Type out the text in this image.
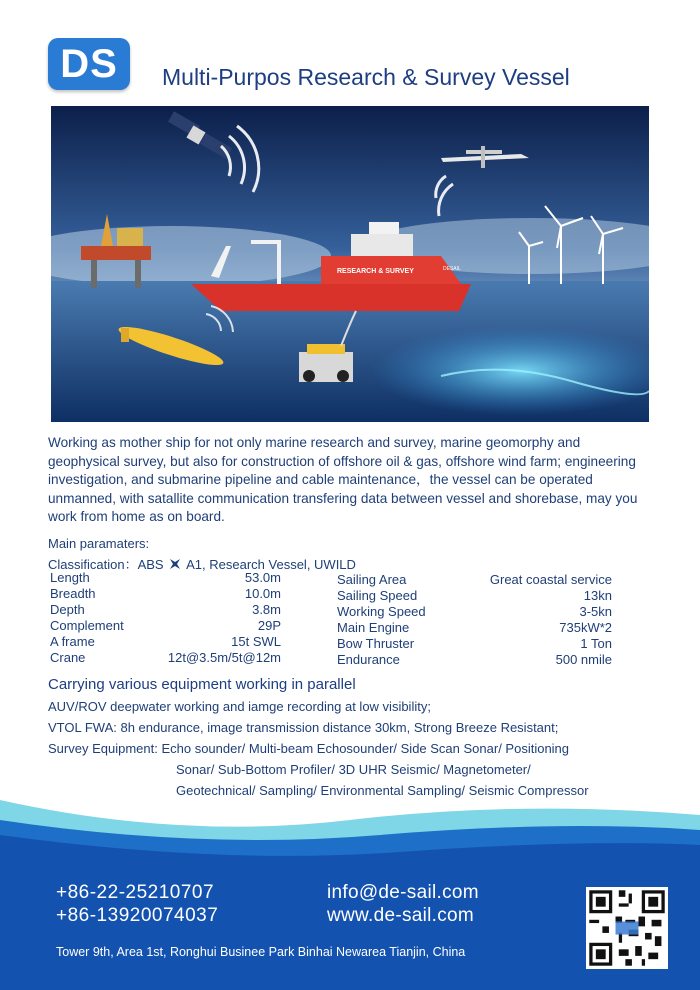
DS	Multi-Purpos Research & Survey Vessel
RESEARCH & SURVEY	DESAIL
Working as mother ship for not only marine research and survey, marine geomorphy and geophysical survey, but also for construction of offshore oil & gas, offshore wind farm; engineering investigation, and submarine pipeline and cable maintenance，the vessel can be operated unmanned, with satallite communication transfering data between vessel and shorebase, may you work from home as on board.
Main paramaters:
Classification：ABS A1, Research Vessel, UWILD
Length	53.0m
Breadth	10.0m
Depth	3.8m
Complement	29P
A frame	15t SWL
Crane	12t@3.5m/5t@12m
Sailing Area	Great coastal service
Sailing Speed	13kn
Working Speed	3-5kn
Main Engine	735kW*2
Bow Thruster	1 Ton
Endurance	500 nmile
Carrying various equipment working in parallel
AUV/ROV deepwater working and iamge recording at low visibility;
VTOL FWA: 8h endurance, image transmission distance 30km, Strong Breeze Resistant;
Survey Equipment: Echo sounder/ Multi-beam Echosounder/ Side Scan Sonar/ Positioning
Sonar/ Sub-Bottom Profiler/ 3D UHR Seismic/ Magnetometer/
Geotechnical/ Sampling/ Environmental Sampling/ Seismic Compressor
+86-22-25210707
+86-13920074037
info@de-sail.com
www.de-sail.com
Tower 9th, Area 1st, Ronghui Businee Park Binhai Newarea Tianjin, China
